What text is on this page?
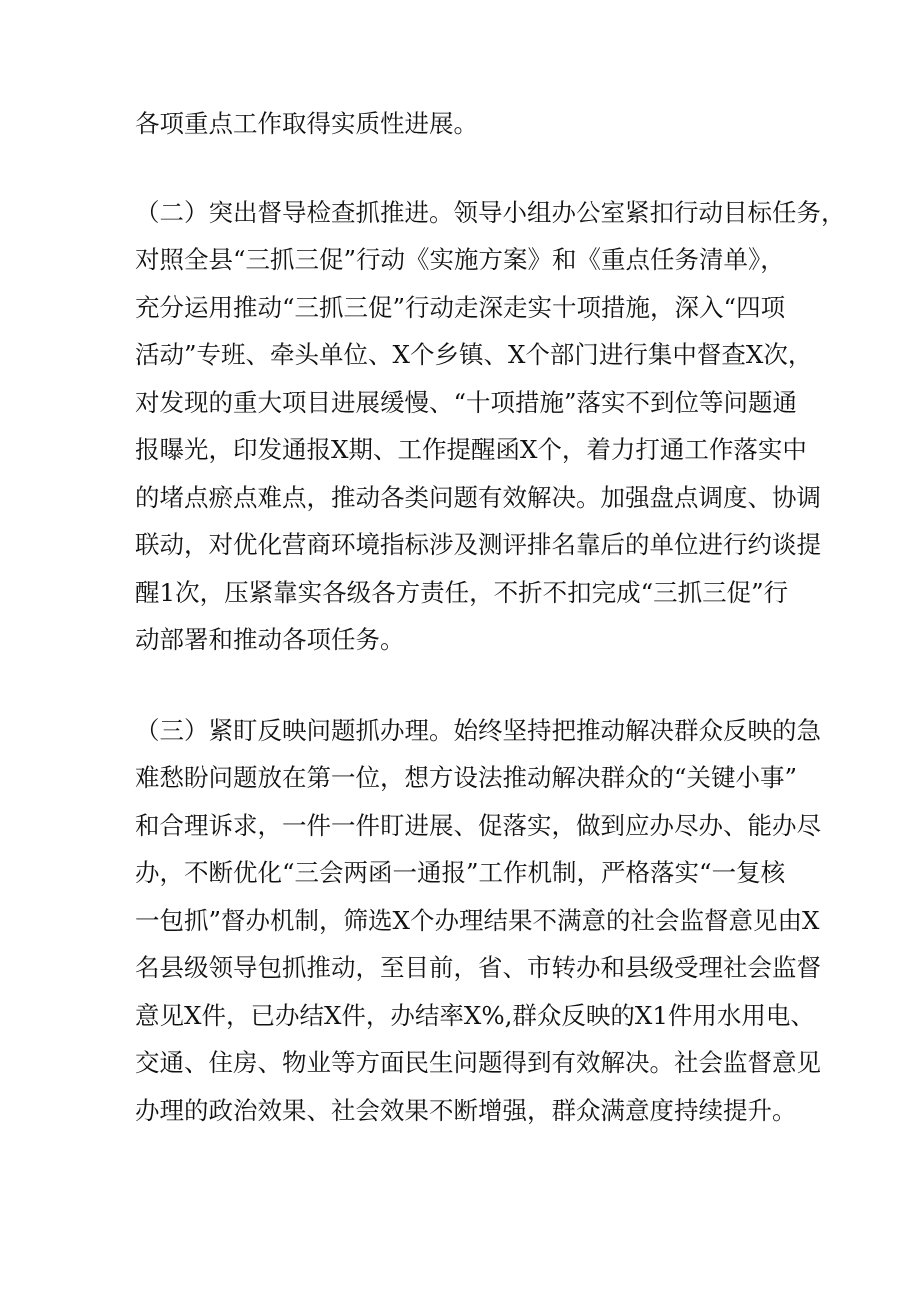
各项重点工作取得实质性进展。

（二）突出督导检查抓推进。领导小组办公室紧扣行动目标任务，

对照全县“三抓三促”行动《实施方案》和《重点任务清单》，

充分运用推动“三抓三促”行动走深走实十项措施，深入“四项

活动”专班、牵头单位、X个乡镇、X个部门进行集中督查X次，

对发现的重大项目进展缓慢、“十项措施”落实不到位等问题通

报曝光，印发通报X期、工作提醒函X个，着力打通工作落实中

的堵点瘀点难点，推动各类问题有效解决。加强盘点调度、协调

联动，对优化营商环境指标涉及测评排名靠后的单位进行约谈提

醒1次，压紧靠实各级各方责任，不折不扣完成“三抓三促”行

动部署和推动各项任务。

（三）紧盯反映问题抓办理。始终坚持把推动解决群众反映的急

难愁盼问题放在第一位，想方设法推动解决群众的“关键小事”

和合理诉求，一件一件盯进展、促落实，做到应办尽办、能办尽

办，不断优化“三会两函一通报”工作机制，严格落实“一复核

一包抓”督办机制，筛选X个办理结果不满意的社会监督意见由X

名县级领导包抓推动，至目前，省、市转办和县级受理社会监督

意见X件，已办结X件，办结率X%,群众反映的X1件用水用电、

交通、住房、物业等方面民生问题得到有效解决。社会监督意见

办理的政治效果、社会效果不断增强，群众满意度持续提升。
